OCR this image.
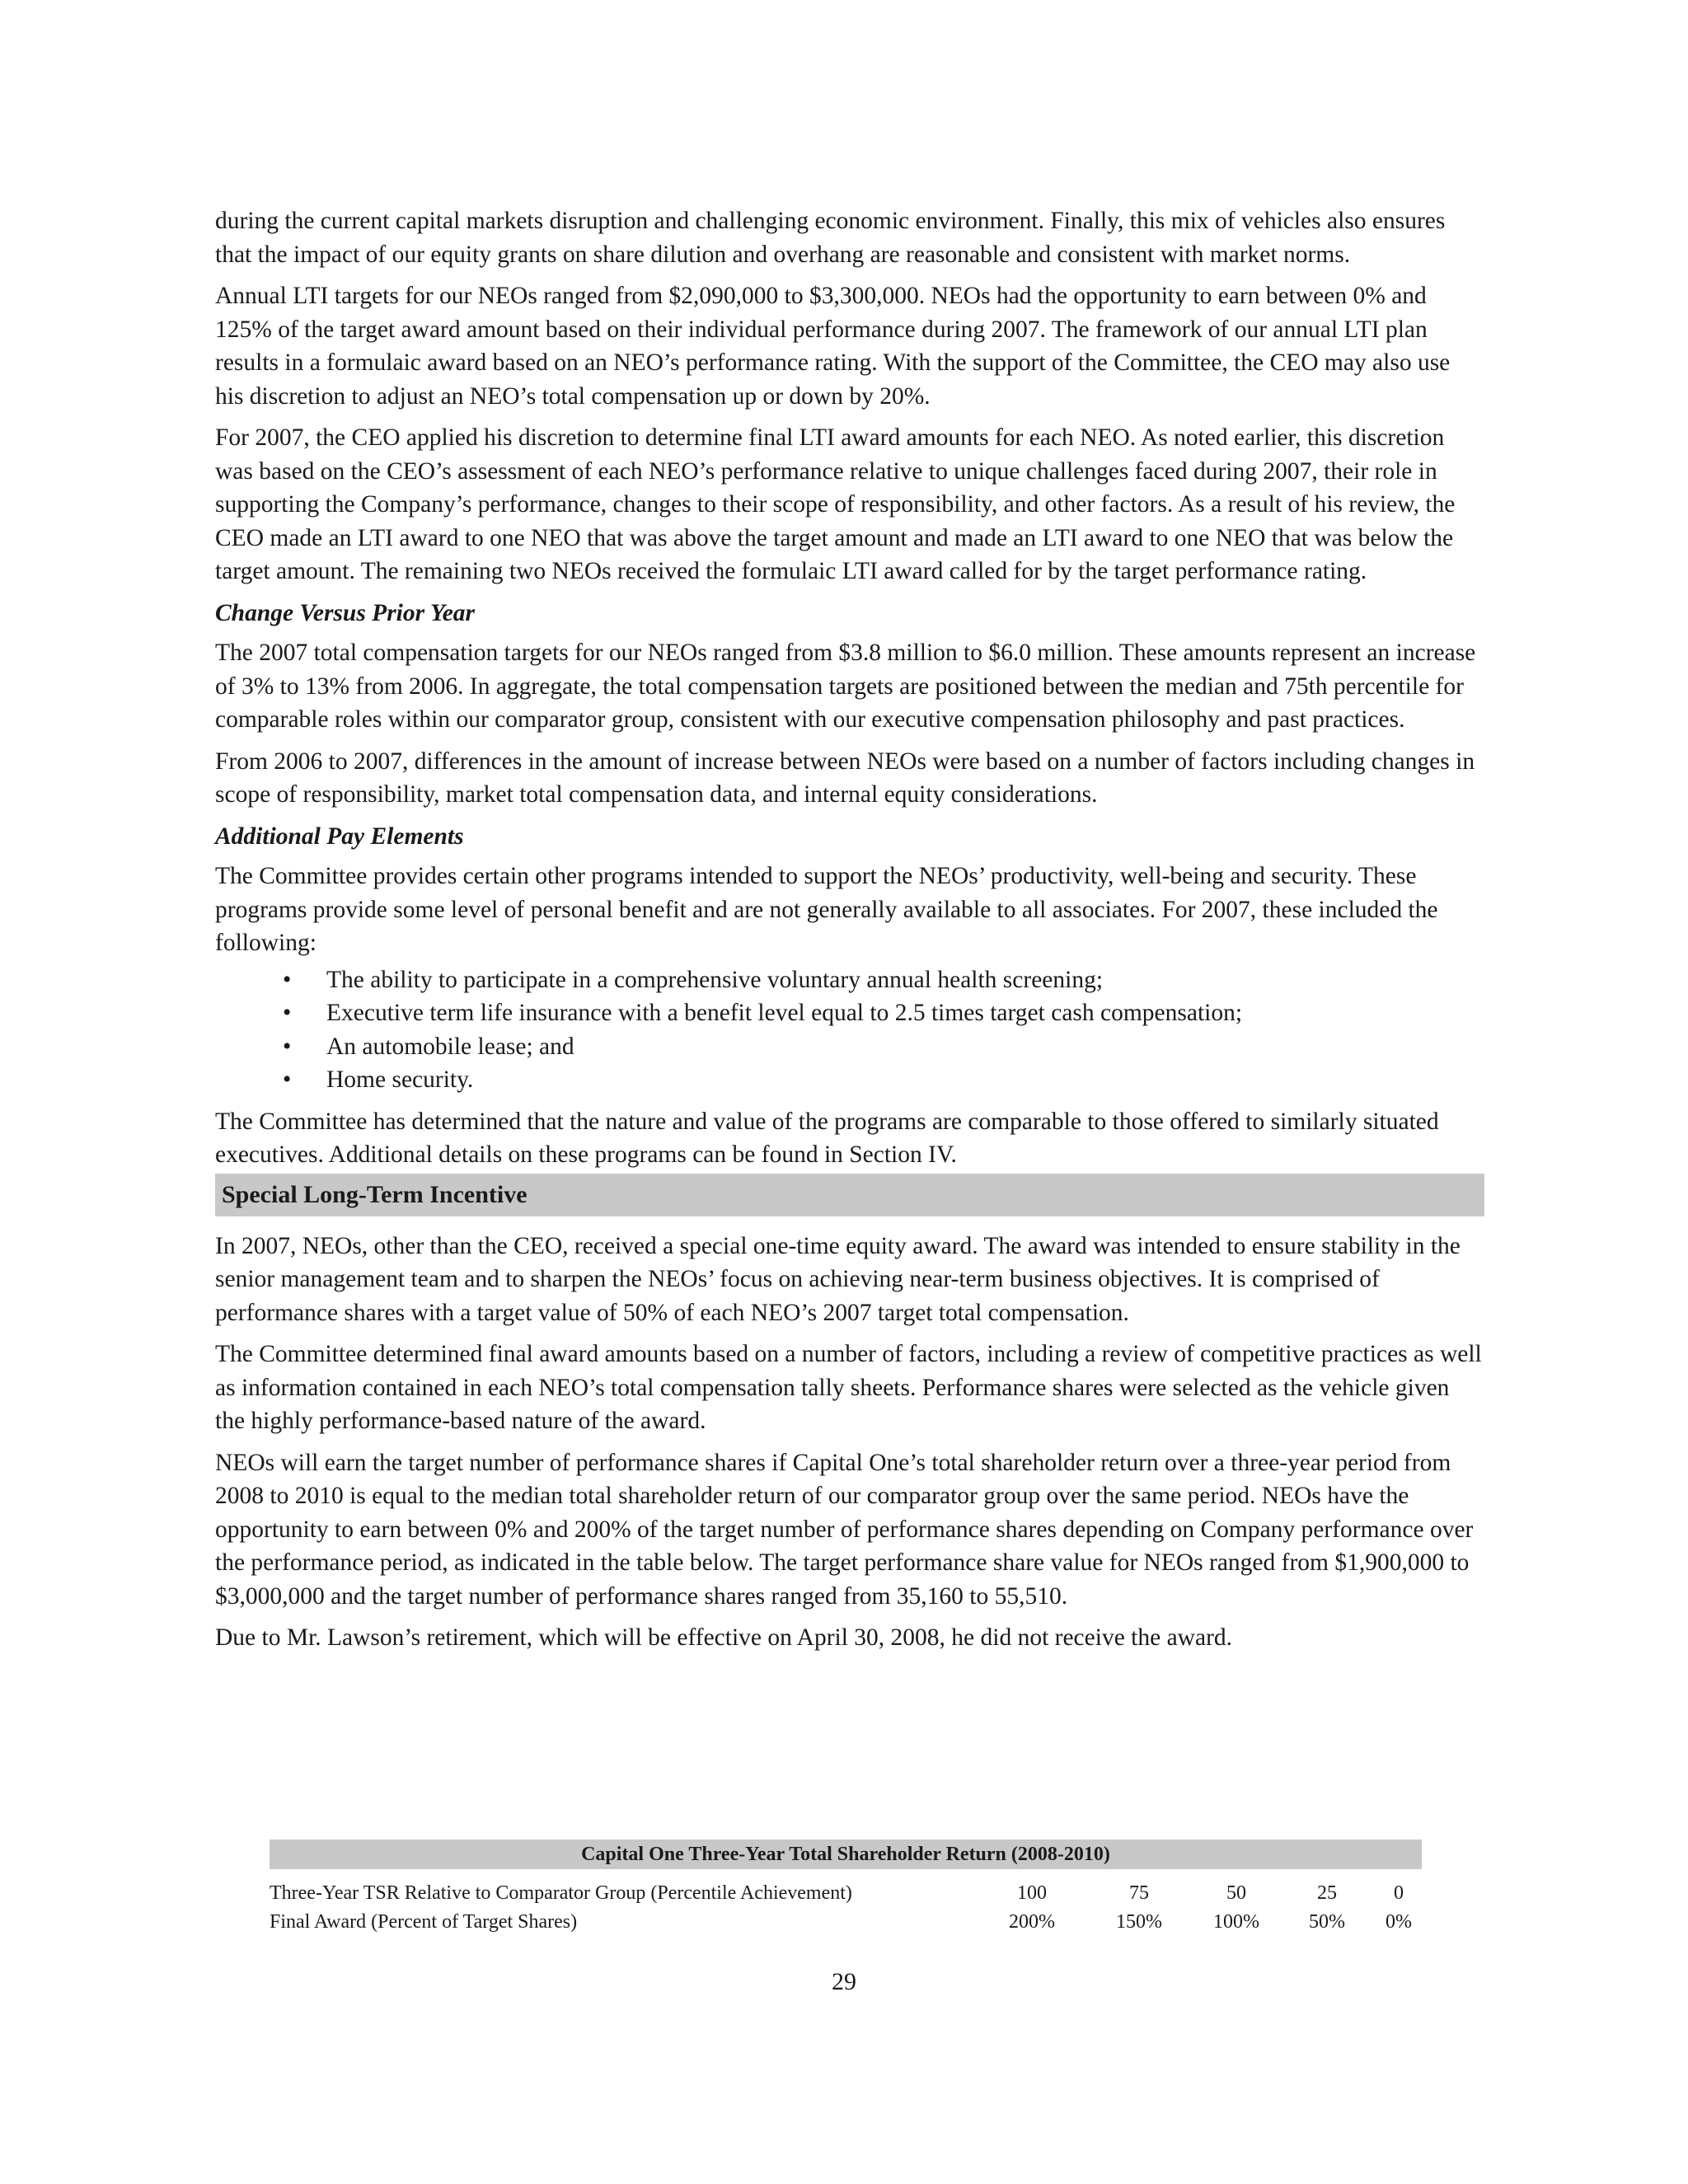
during the current capital markets disruption and challenging economic environment. Finally, this mix of vehicles also ensures that the impact of our equity grants on share dilution and overhang are reasonable and consistent with market norms.

Annual LTI targets for our NEOs ranged from $2,090,000 to $3,300,000. NEOs had the opportunity to earn between 0% and 125% of the target award amount based on their individual performance during 2007. The framework of our annual LTI plan results in a formulaic award based on an NEO’s performance rating. With the support of the Committee, the CEO may also use his discretion to adjust an NEO’s total compensation up or down by 20%.

For 2007, the CEO applied his discretion to determine final LTI award amounts for each NEO. As noted earlier, this discretion was based on the CEO’s assessment of each NEO’s performance relative to unique challenges faced during 2007, their role in supporting the Company’s performance, changes to their scope of responsibility, and other factors. As a result of his review, the CEO made an LTI award to one NEO that was above the target amount and made an LTI award to one NEO that was below the target amount. The remaining two NEOs received the formulaic LTI award called for by the target performance rating.

Change Versus Prior Year

The 2007 total compensation targets for our NEOs ranged from $3.8 million to $6.0 million. These amounts represent an increase of 3% to 13% from 2006. In aggregate, the total compensation targets are positioned between the median and 75th percentile for comparable roles within our comparator group, consistent with our executive compensation philosophy and past practices.

From 2006 to 2007, differences in the amount of increase between NEOs were based on a number of factors including changes in scope of responsibility, market total compensation data, and internal equity considerations.

Additional Pay Elements

The Committee provides certain other programs intended to support the NEOs’ productivity, well-being and security. These programs provide some level of personal benefit and are not generally available to all associates. For 2007, these included the following:

• The ability to participate in a comprehensive voluntary annual health screening;
• Executive term life insurance with a benefit level equal to 2.5 times target cash compensation;
• An automobile lease; and
• Home security.

The Committee has determined that the nature and value of the programs are comparable to those offered to similarly situated executives. Additional details on these programs can be found in Section IV.

Special Long-Term Incentive

In 2007, NEOs, other than the CEO, received a special one-time equity award. The award was intended to ensure stability in the senior management team and to sharpen the NEOs’ focus on achieving near-term business objectives. It is comprised of performance shares with a target value of 50% of each NEO’s 2007 target total compensation.

The Committee determined final award amounts based on a number of factors, including a review of competitive practices as well as information contained in each NEO’s total compensation tally sheets. Performance shares were selected as the vehicle given the highly performance-based nature of the award.

NEOs will earn the target number of performance shares if Capital One’s total shareholder return over a three-year period from 2008 to 2010 is equal to the median total shareholder return of our comparator group over the same period. NEOs have the opportunity to earn between 0% and 200% of the target number of performance shares depending on Company performance over the performance period, as indicated in the table below. The target performance share value for NEOs ranged from $1,900,000 to $3,000,000 and the target number of performance shares ranged from 35,160 to 55,510.

Due to Mr. Lawson’s retirement, which will be effective on April 30, 2008, he did not receive the award.

Capital One Three-Year Total Shareholder Return (2008-2010)
Three-Year TSR Relative to Comparator Group (Percentile Achievement)	100	75	50	25	0
Final Award (Percent of Target Shares)	200%	150%	100%	50%	0%
29
